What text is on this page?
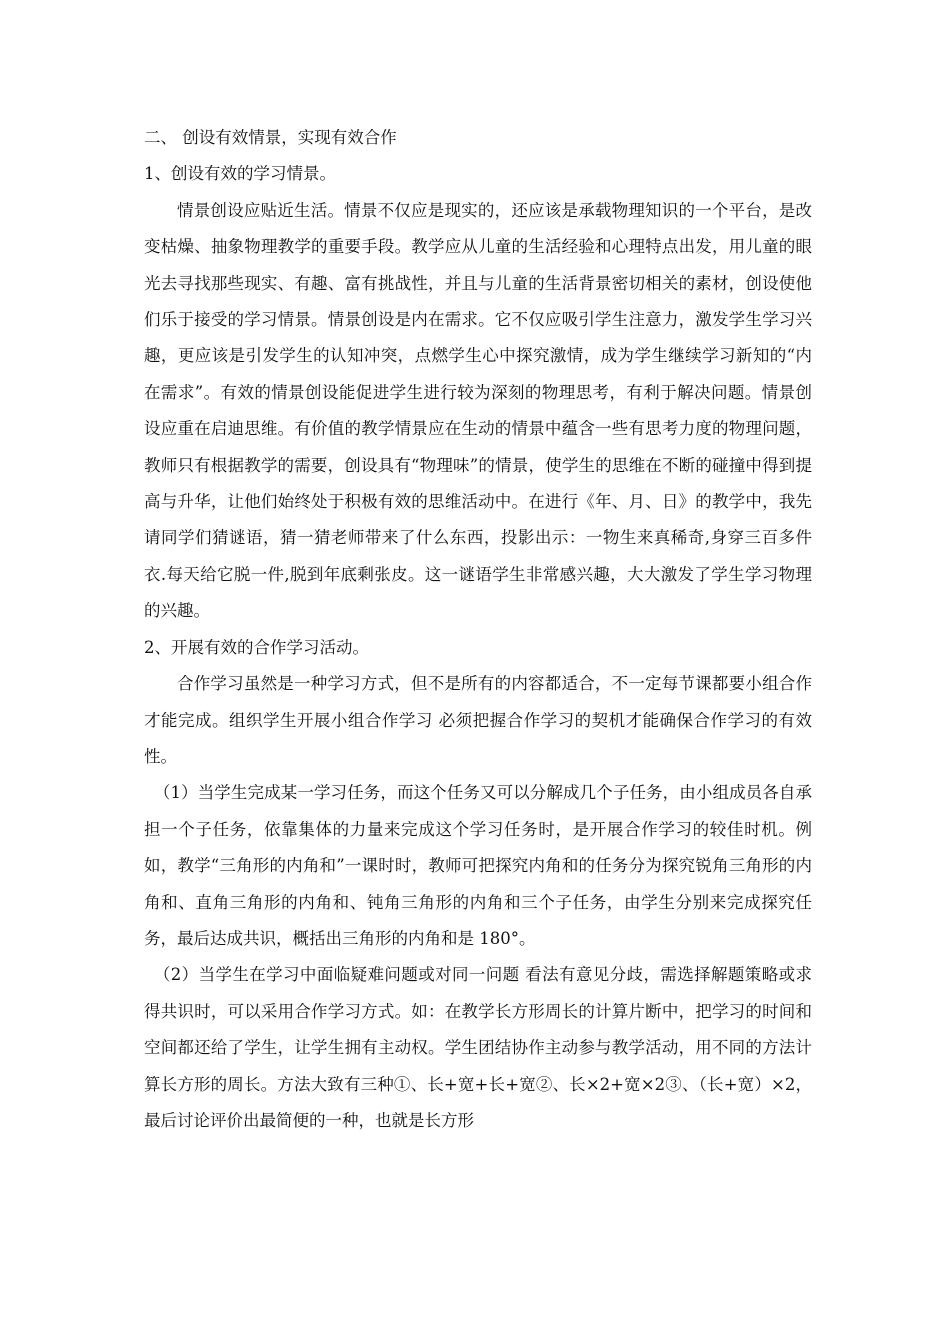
二、 创设有效情景，实现有效合作

1、创设有效的学习情景。

情景创设应贴近生活。情景不仅应是现实的，还应该是承载物理知识的一个平台，是改变枯燥、抽象物理教学的重要手段。教学应从儿童的生活经验和心理特点出发，用儿童的眼光去寻找那些现实、有趣、富有挑战性，并且与儿童的生活背景密切相关的素材，创设使他们乐于接受的学习情景。情景创设是内在需求。它不仅应吸引学生注意力，激发学生学习兴趣，更应该是引发学生的认知冲突，点燃学生心中探究激情，成为学生继续学习新知的“内在需求”。有效的情景创设能促进学生进行较为深刻的物理思考，有利于解决问题。情景创设应重在启迪思维。有价值的教学情景应在生动的情景中蕴含一些有思考力度的物理问题，教师只有根据教学的需要，创设具有“物理味”的情景，使学生的思维在不断的碰撞中得到提高与升华，让他们始终处于积极有效的思维活动中。在进行《年、月、日》的教学中，我先请同学们猜谜语，猜一猜老师带来了什么东西，投影出示：一物生来真稀奇,身穿三百多件衣.每天给它脱一件,脱到年底剩张皮。这一谜语学生非常感兴趣，大大激发了学生学习物理的兴趣。

2、开展有效的合作学习活动。

合作学习虽然是一种学习方式，但不是所有的内容都适合，不一定每节课都要小组合作才能完成。组织学生开展小组合作学习 必须把握合作学习的契机才能确保合作学习的有效性。

（1）当学生完成某一学习任务，而这个任务又可以分解成几个子任务，由小组成员各自承担一个子任务，依靠集体的力量来完成这个学习任务时，是开展合作学习的较佳时机。例如，教学“三角形的内角和”一课时时，教师可把探究内角和的任务分为探究锐角三角形的内角和、直角三角形的内角和、钝角三角形的内角和三个子任务，由学生分别来完成探究任务，最后达成共识，概括出三角形的内角和是 180°。

（2）当学生在学习中面临疑难问题或对同一问题 看法有意见分歧，需选择解题策略或求得共识时，可以采用合作学习方式。如：在教学长方形周长的计算片断中，把学习的时间和空间都还给了学生，让学生拥有主动权。学生团结协作主动参与教学活动，用不同的方法计算长方形的周长。方法大致有三种①、长+宽+长+宽②、长×2+宽×2③、（长+宽）×2，最后讨论评价出最简便的一种，也就是长方形
